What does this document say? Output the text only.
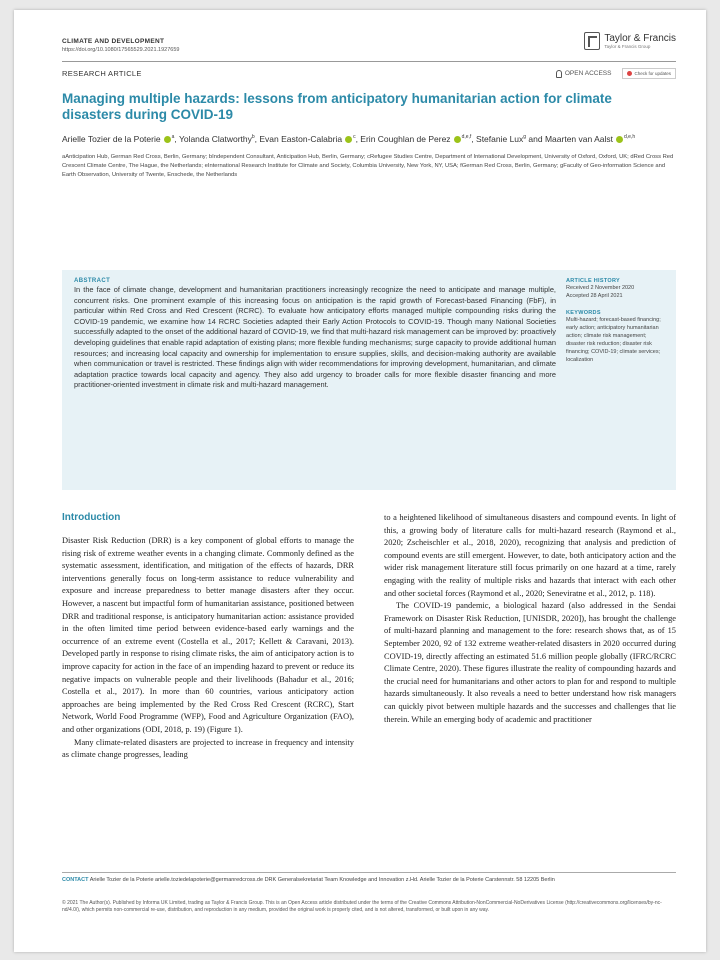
CLIMATE AND DEVELOPMENT
https://doi.org/10.1080/17565529.2021.1927659
Taylor & Francis
Taylor & Francis Group
RESEARCH ARTICLE	OPEN ACCESS	Check for updates
Managing multiple hazards: lessons from anticipatory humanitarian action for climate disasters during COVID-19
Arielle Tozier de la Poterie $^a$, Yolanda Clatworthy$^b$, Evan Easton-Calabria $^c$, Erin Coughlan de Perez $^{d,e,f}$, Stefanie Lux$^g$ and Maarten van Aalst $^{d,e,h}$
aAnticipation Hub, German Red Cross, Berlin, Germany; bIndependent Consultant, Anticipation Hub, Berlin, Germany; cRefugee Studies Centre, Department of International Development, University of Oxford, Oxford, UK; dRed Cross Red Crescent Climate Centre, The Hague, the Netherlands; eInternational Research Institute for Climate and Society, Columbia University, New York, NY, USA; fGerman Red Cross, Berlin, Germany; gFaculty of Geo-information Science and Earth Observation, University of Twente, Enschede, the Netherlands
ABSTRACT
In the face of climate change, development and humanitarian practitioners increasingly recognize the need to anticipate and manage multiple, concurrent risks. One prominent example of this increasing focus on anticipation is the rapid growth of Forecast-based Financing (FbF), in particular within Red Cross and Red Crescent (RCRC). To evaluate how anticipatory efforts managed multiple compounding risks during the COVID-19 pandemic, we examine how 14 RCRC Societies adapted their Early Action Protocols to COVID-19. Though many National Societies successfully adapted to the onset of the additional hazard of COVID-19, we find that multi-hazard risk management can be improved by: proactively developing guidelines that enable rapid adaptation of existing plans; more flexible funding mechanisms; surge capacity to provide additional human resources; and increasing local capacity and ownership for implementation to ensure supplies, skills, and decision-making authority are available when communication or travel is restricted. These findings align with wider recommendations for improving development, humanitarian, and climate adaptation practice towards local capacity and agency. They also add urgency to broader calls for more flexible disaster financing and more practitioner-oriented investment in climate risk and multi-hazard management.
ARTICLE HISTORY
Received 2 November 2020
Accepted 28 April 2021
KEYWORDS
Multi-hazard; forecast-based financing; early action; anticipatory humanitarian action; climate risk management; disaster risk reduction; disaster risk financing; COVID-19; climate services; localization
Introduction

Disaster Risk Reduction (DRR) is a key component of global efforts to manage the rising risk of extreme weather events in a changing climate. Commonly defined as the systematic assessment, identification, and mitigation of the effects of hazards, DRR interventions generally focus on long-term assistance to reduce vulnerability and exposure and increase preparedness to better manage disasters after they occur. However, a nascent but impactful form of humanitarian assistance, positioned between DRR and traditional response, is anticipatory humanitarian action: assistance provided in the often limited time period between evidence-based early warnings and the occurrence of an extreme event (Costella et al., 2017; Kellett & Caravani, 2013). Developed partly in response to rising climate risks, the aim of anticipatory action is to improve capacity for action in the face of an impending hazard to prevent or reduce its negative impacts on vulnerable people and their livelihoods (Bahadur et al., 2016; Costella et al., 2017). In more than 60 countries, various anticipatory action approaches are being implemented by the Red Cross Red Crescent (RCRC), Start Network, World Food Programme (WFP), Food and Agriculture Organization (FAO), and other organizations (ODI, 2018, p. 19) (Figure 1).

Many climate-related disasters are projected to increase in frequency and intensity as climate change progresses, leading

to a heightened likelihood of simultaneous disasters and compound events. In light of this, a growing body of literature calls for multi-hazard research (Raymond et al., 2020; Zscheischler et al., 2018, 2020), recognizing that analysis and prediction of compound events are still emergent. However, to date, both anticipatory action and the wider risk management literature still focus primarily on one hazard at a time, rarely engaging with the reality of multiple risks and hazards that interact with each other and other societal forces (Raymond et al., 2020; Seneviratne et al., 2012, p. 118).

The COVID-19 pandemic, a biological hazard (also addressed in the Sendai Framework on Disaster Risk Reduction, [UNISDR, 2020]), has brought the challenge of multi-hazard planning and management to the fore: research shows that, as of 15 September 2020, 92 of 132 extreme weather-related disasters in 2020 occurred during COVID-19, directly affecting an estimated 51.6 million people globally (IFRC/RCRC Climate Centre, 2020). These figures illustrate the reality of compounding hazards and the crucial need for humanitarians and other actors to plan for and respond to multiple hazards simultaneously. It also reveals a need to better understand how risk managers can quickly pivot between multiple hazards and the successes and challenges that lie therein. While an emerging body of academic and practitioner

CONTACT Arielle Tozier de la Poterie arielle.toziedelapoterie@germanredcross.de DRK Generalsekretariat Team Knowledge and Innovation z.Hd. Arielle Tozier de la Poterie Carstennstr. 58 12205 Berlin
© 2021 The Author(s). Published by Informa UK Limited, trading as Taylor & Francis Group. This is an Open Access article distributed under the terms of the Creative Commons Attribution-NonCommercial-NoDerivatives License (http://creativecommons.org/licenses/by-nc-nd/4.0/), which permits non-commercial re-use, distribution, and reproduction in any medium, provided the original work is properly cited, and is not altered, transformed, or built upon in any way.
